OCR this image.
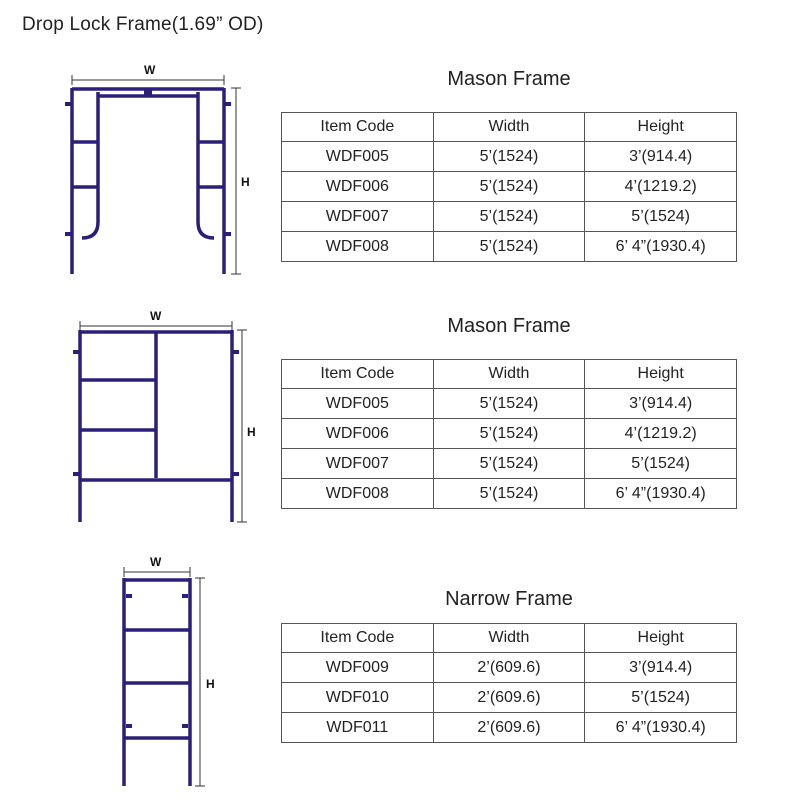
Drop Lock Frame(1.69” OD)
W
H
W
H
W
H
Mason Frame
Item Code	Width	Height
WDF005	5’(1524)	3’(914.4)
WDF006	5’(1524)	4’(1219.2)
WDF007	5’(1524)	5’(1524)
WDF008	5’(1524)	6’ 4”(1930.4)
Mason Frame
Item Code	Width	Height
WDF005	5’(1524)	3’(914.4)
WDF006	5’(1524)	4’(1219.2)
WDF007	5’(1524)	5’(1524)
WDF008	5’(1524)	6’ 4”(1930.4)
Narrow Frame
Item Code	Width	Height
WDF009	2’(609.6)	3’(914.4)
WDF010	2’(609.6)	5’(1524)
WDF011	2’(609.6)	6’ 4”(1930.4)
